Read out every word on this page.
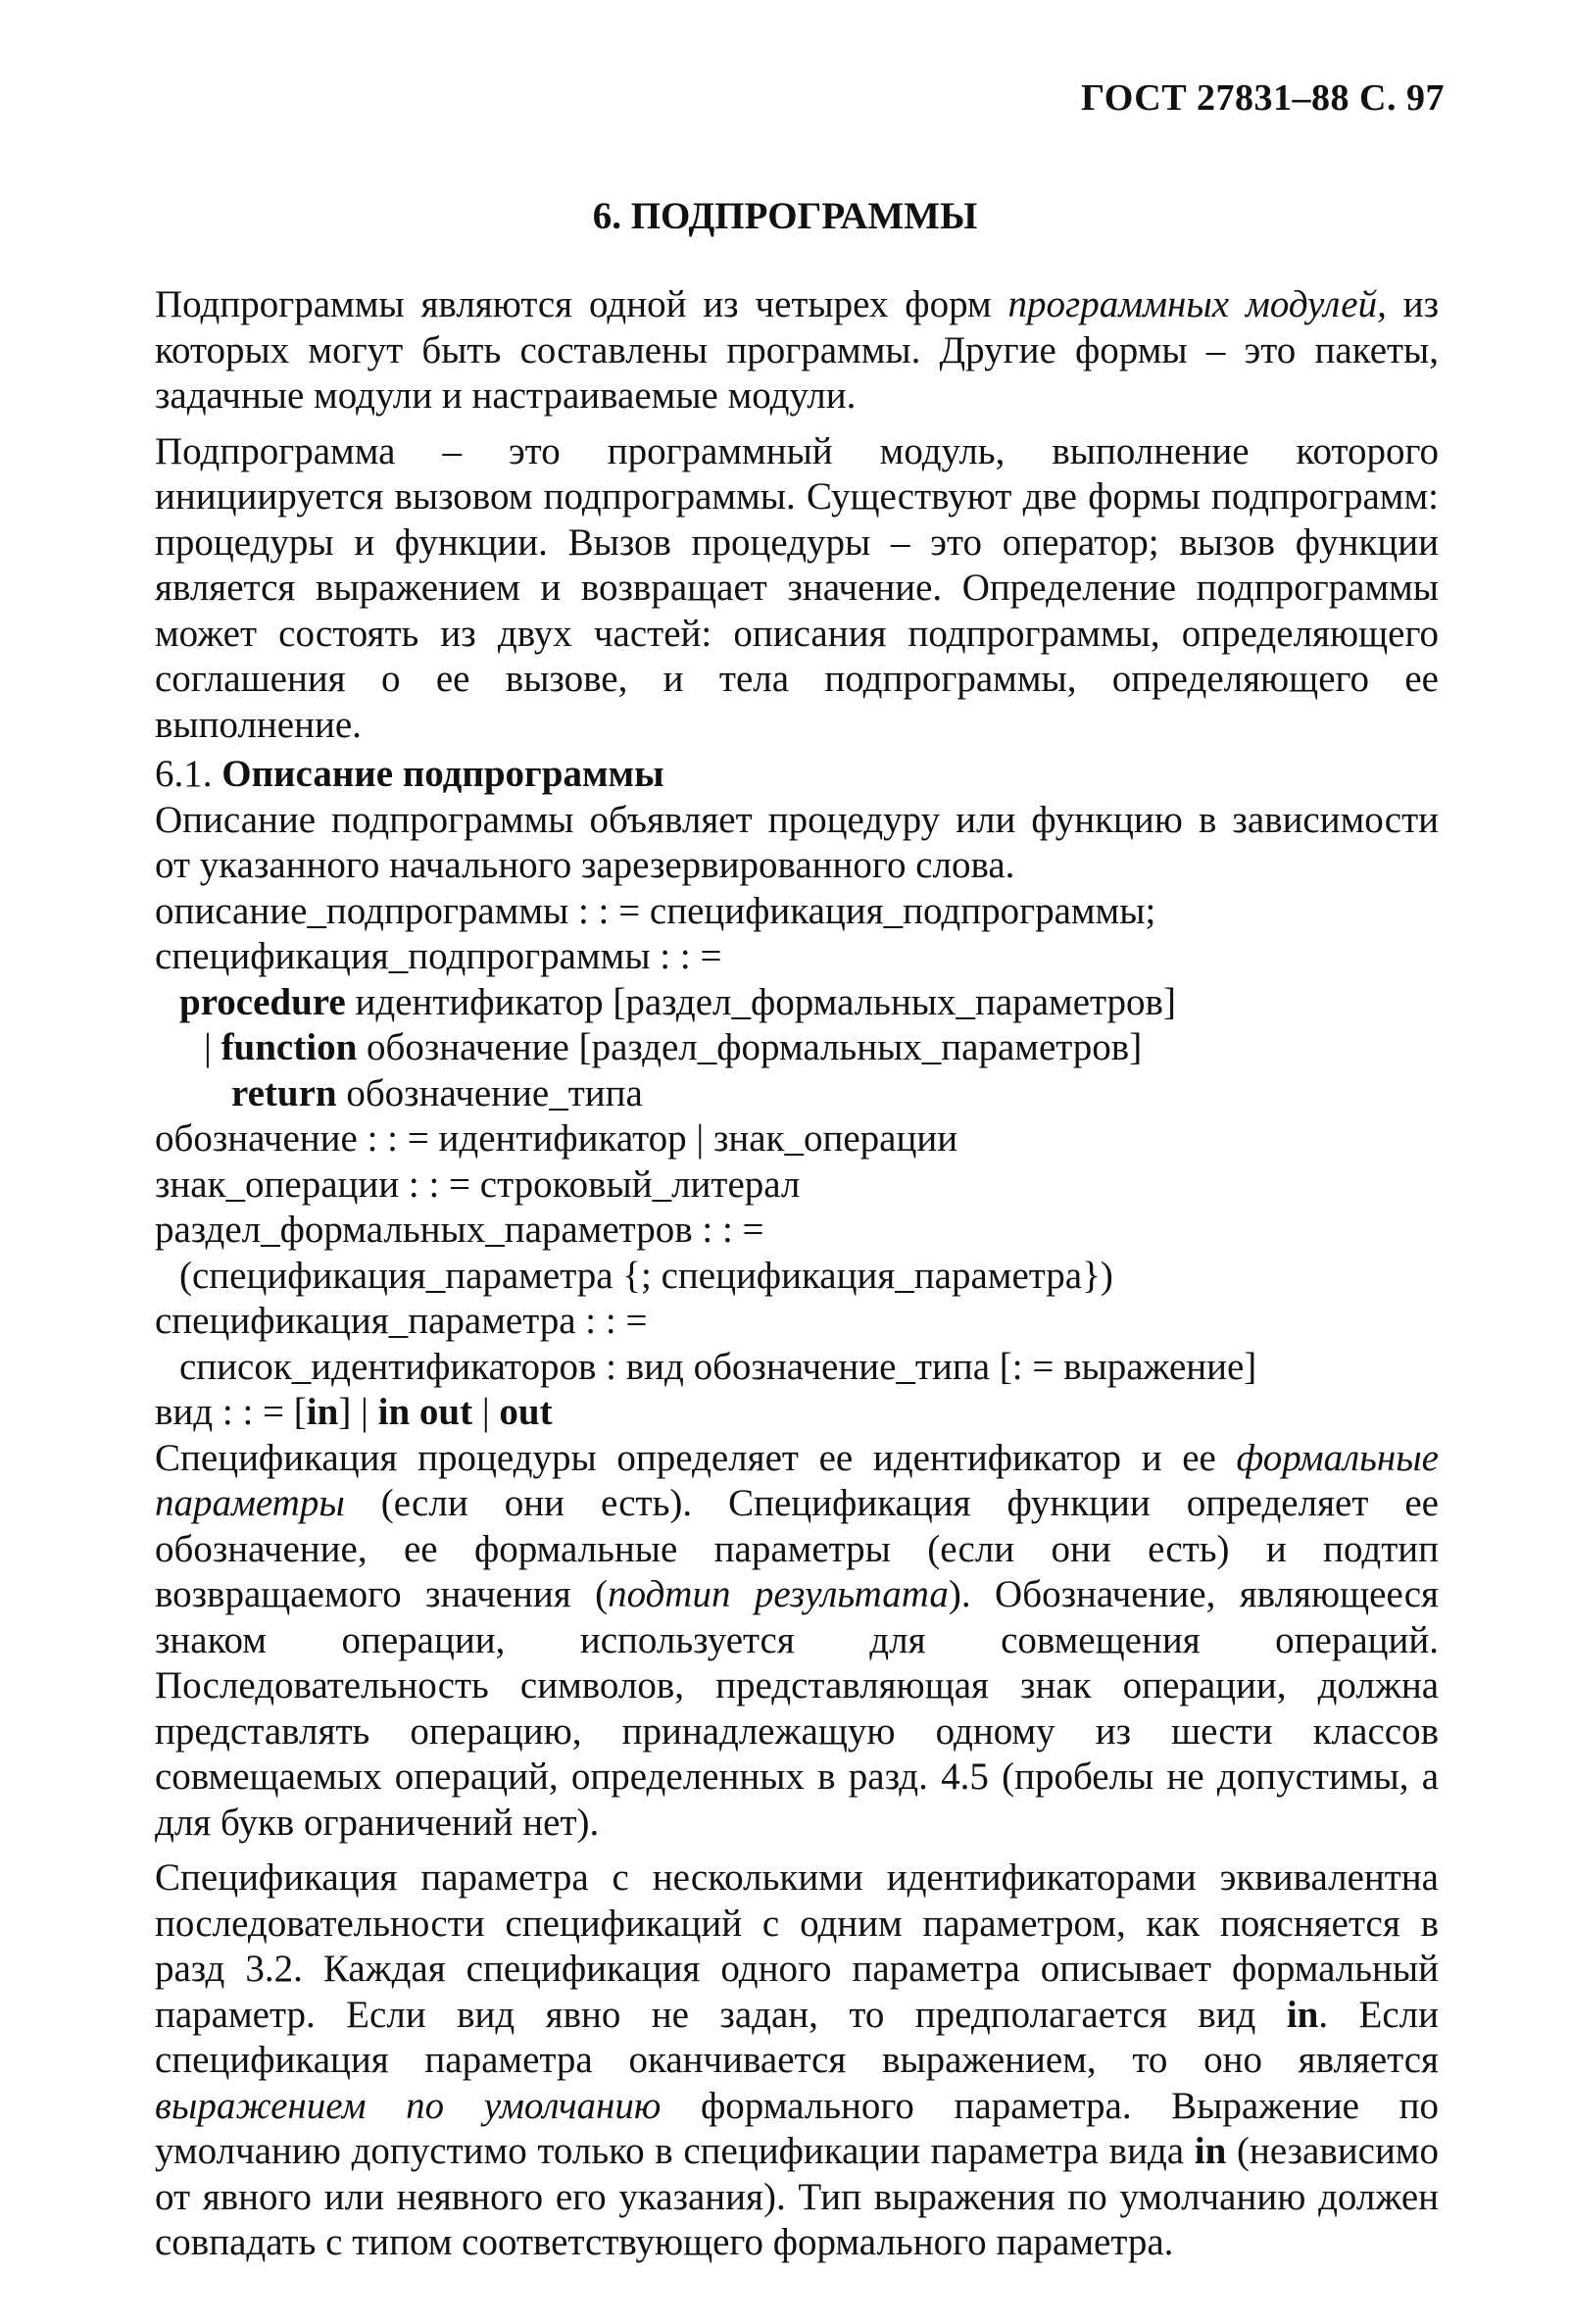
ГОСТ 27831–88 С. 97
6. ПОДПРОГРАММЫ

Подпрограммы являются одной из четырех форм программных модулей, из которых могут быть составлены программы. Другие формы – это пакеты, задачные модули и настраиваемые модули.

Подпрограмма – это программный модуль, выполнение которого инициируется вызовом подпрограммы. Существуют две формы подпрограмм: процедуры и функции. Вызов процедуры – это оператор; вызов функции является выражением и возвращает значение. Определение подпрограммы может состоять из двух частей: описания подпрограммы, определяющего соглашения о ее вызове, и тела подпрограммы, определяющего ее выполнение.

6.1. Описание подпрограммы

Описание подпрограммы объявляет процедуру или функцию в зависимости от указанного начального зарезервированного слова.

описание_подпрограммы : : = спецификация_подпрограммы;

спецификация_подпрограммы : : =

procedure идентификатор [раздел_формальных_параметров]

| function обозначение [раздел_формальных_параметров]

return обозначение_типа

обозначение : : = идентификатор | знак_операции

знак_операции : : = строковый_литерал

раздел_формальных_параметров : : =

(спецификация_параметра {; спецификация_параметра})

спецификация_параметра : : =

список_идентификаторов : вид обозначение_типа [: = выражение]

вид : : = [in] | in out | out

Спецификация процедуры определяет ее идентификатор и ее формальные параметры (если они есть). Спецификация функции определяет ее обозначение, ее формальные параметры (если они есть) и подтип возвращаемого значения (подтип результата). Обозначение, являющееся знаком операции, используется для совмещения операций. Последовательность символов, представляющая знак операции, должна представлять операцию, принадлежащую одному из шести классов совмещаемых операций, определенных в разд. 4.5 (пробелы не допустимы, а для букв ограничений нет).

Спецификация параметра с несколькими идентификаторами эквивалентна последовательности спецификаций с одним параметром, как поясняется в разд 3.2. Каждая спецификация одного параметра описывает формальный параметр. Если вид явно не задан, то предполагается вид in. Если спецификация параметра оканчивается выражением, то оно является выражением по умолчанию формального параметра. Выражение по умолчанию допустимо только в спецификации параметра вида in (независимо от явного или неявного его указания). Тип выражения по умолчанию должен совпадать с типом соответствующего формального параметра.
